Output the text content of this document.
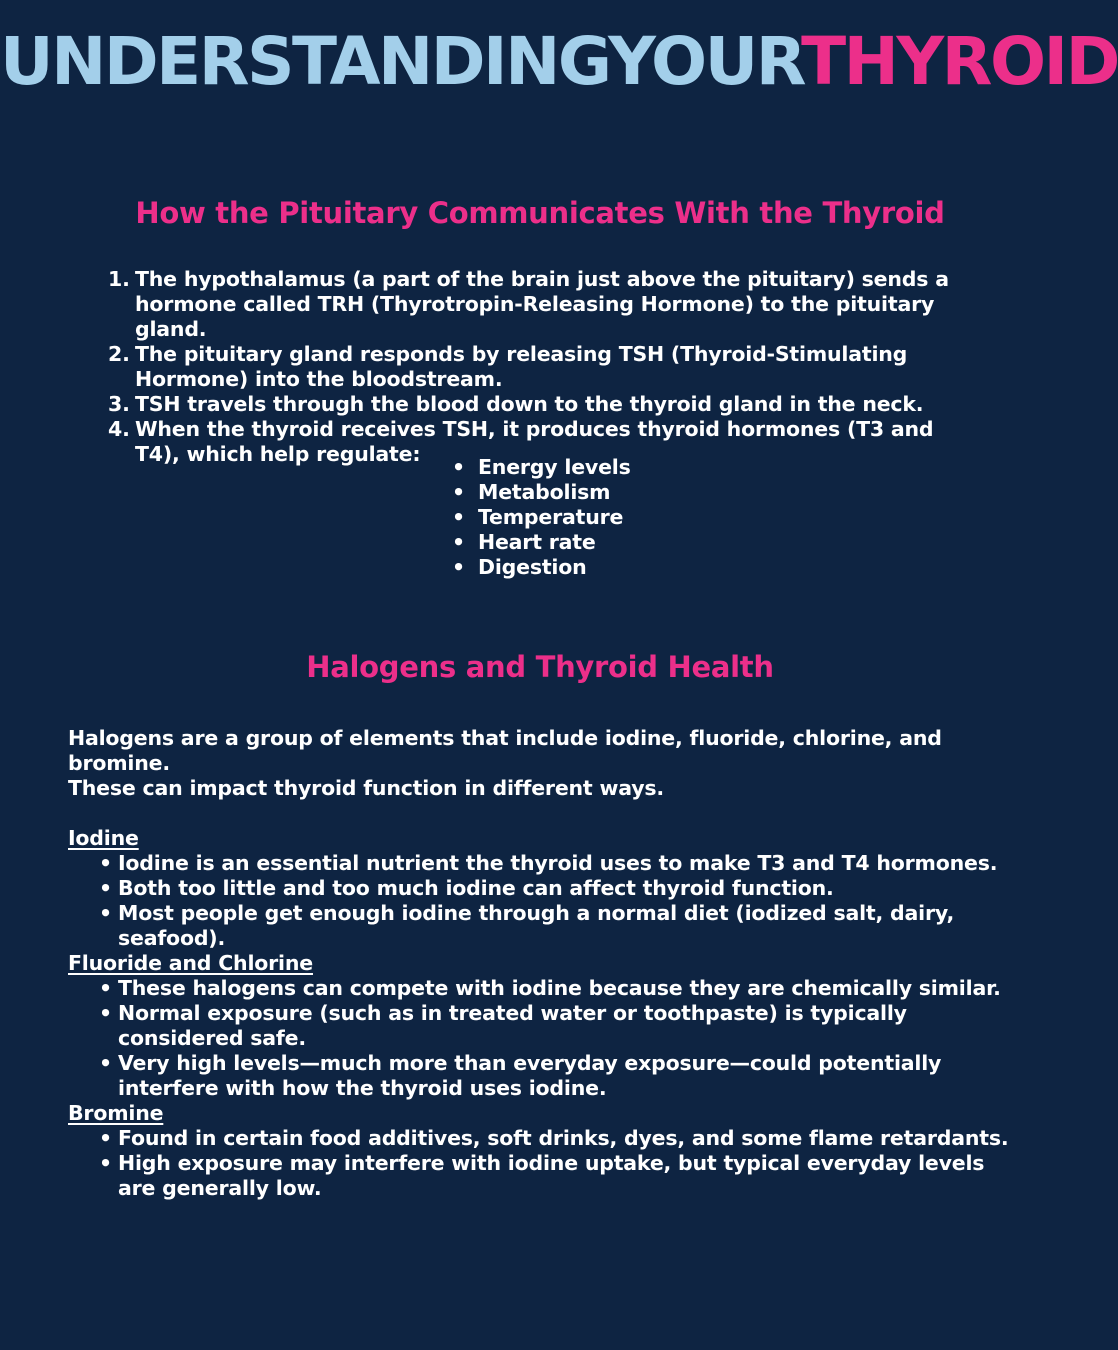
UNDERSTANDINGYOURTHYROID
How the Pituitary Communicates With the Thyroid
1. The hypothalamus (a part of the brain just above the pituitary) sends a hormone called TRH (Thyrotropin-Releasing Hormone) to the pituitary gland.
2. The pituitary gland responds by releasing TSH (Thyroid-Stimulating Hormone) into the bloodstream.
3. TSH travels through the blood down to the thyroid gland in the neck.
4. When the thyroid receives TSH, it produces thyroid hormones (T3 and T4), which help regulate:
• Energy levels
• Metabolism
• Temperature
• Heart rate
• Digestion
Halogens and Thyroid Health

Halogens are a group of elements that include iodine, fluoride, chlorine, and bromine.

These can impact thyroid function in different ways.

Iodine
• Iodine is an essential nutrient the thyroid uses to make T3 and T4 hormones.
• Both too little and too much iodine can affect thyroid function.
• Most people get enough iodine through a normal diet (iodized salt, dairy, seafood).
Fluoride and Chlorine
• These halogens can compete with iodine because they are chemically similar.
• Normal exposure (such as in treated water or toothpaste) is typically considered safe.
• Very high levels—much more than everyday exposure—could potentially interfere with how the thyroid uses iodine.
Bromine
• Found in certain food additives, soft drinks, dyes, and some flame retardants.
• High exposure may interfere with iodine uptake, but typical everyday levels are generally low.
